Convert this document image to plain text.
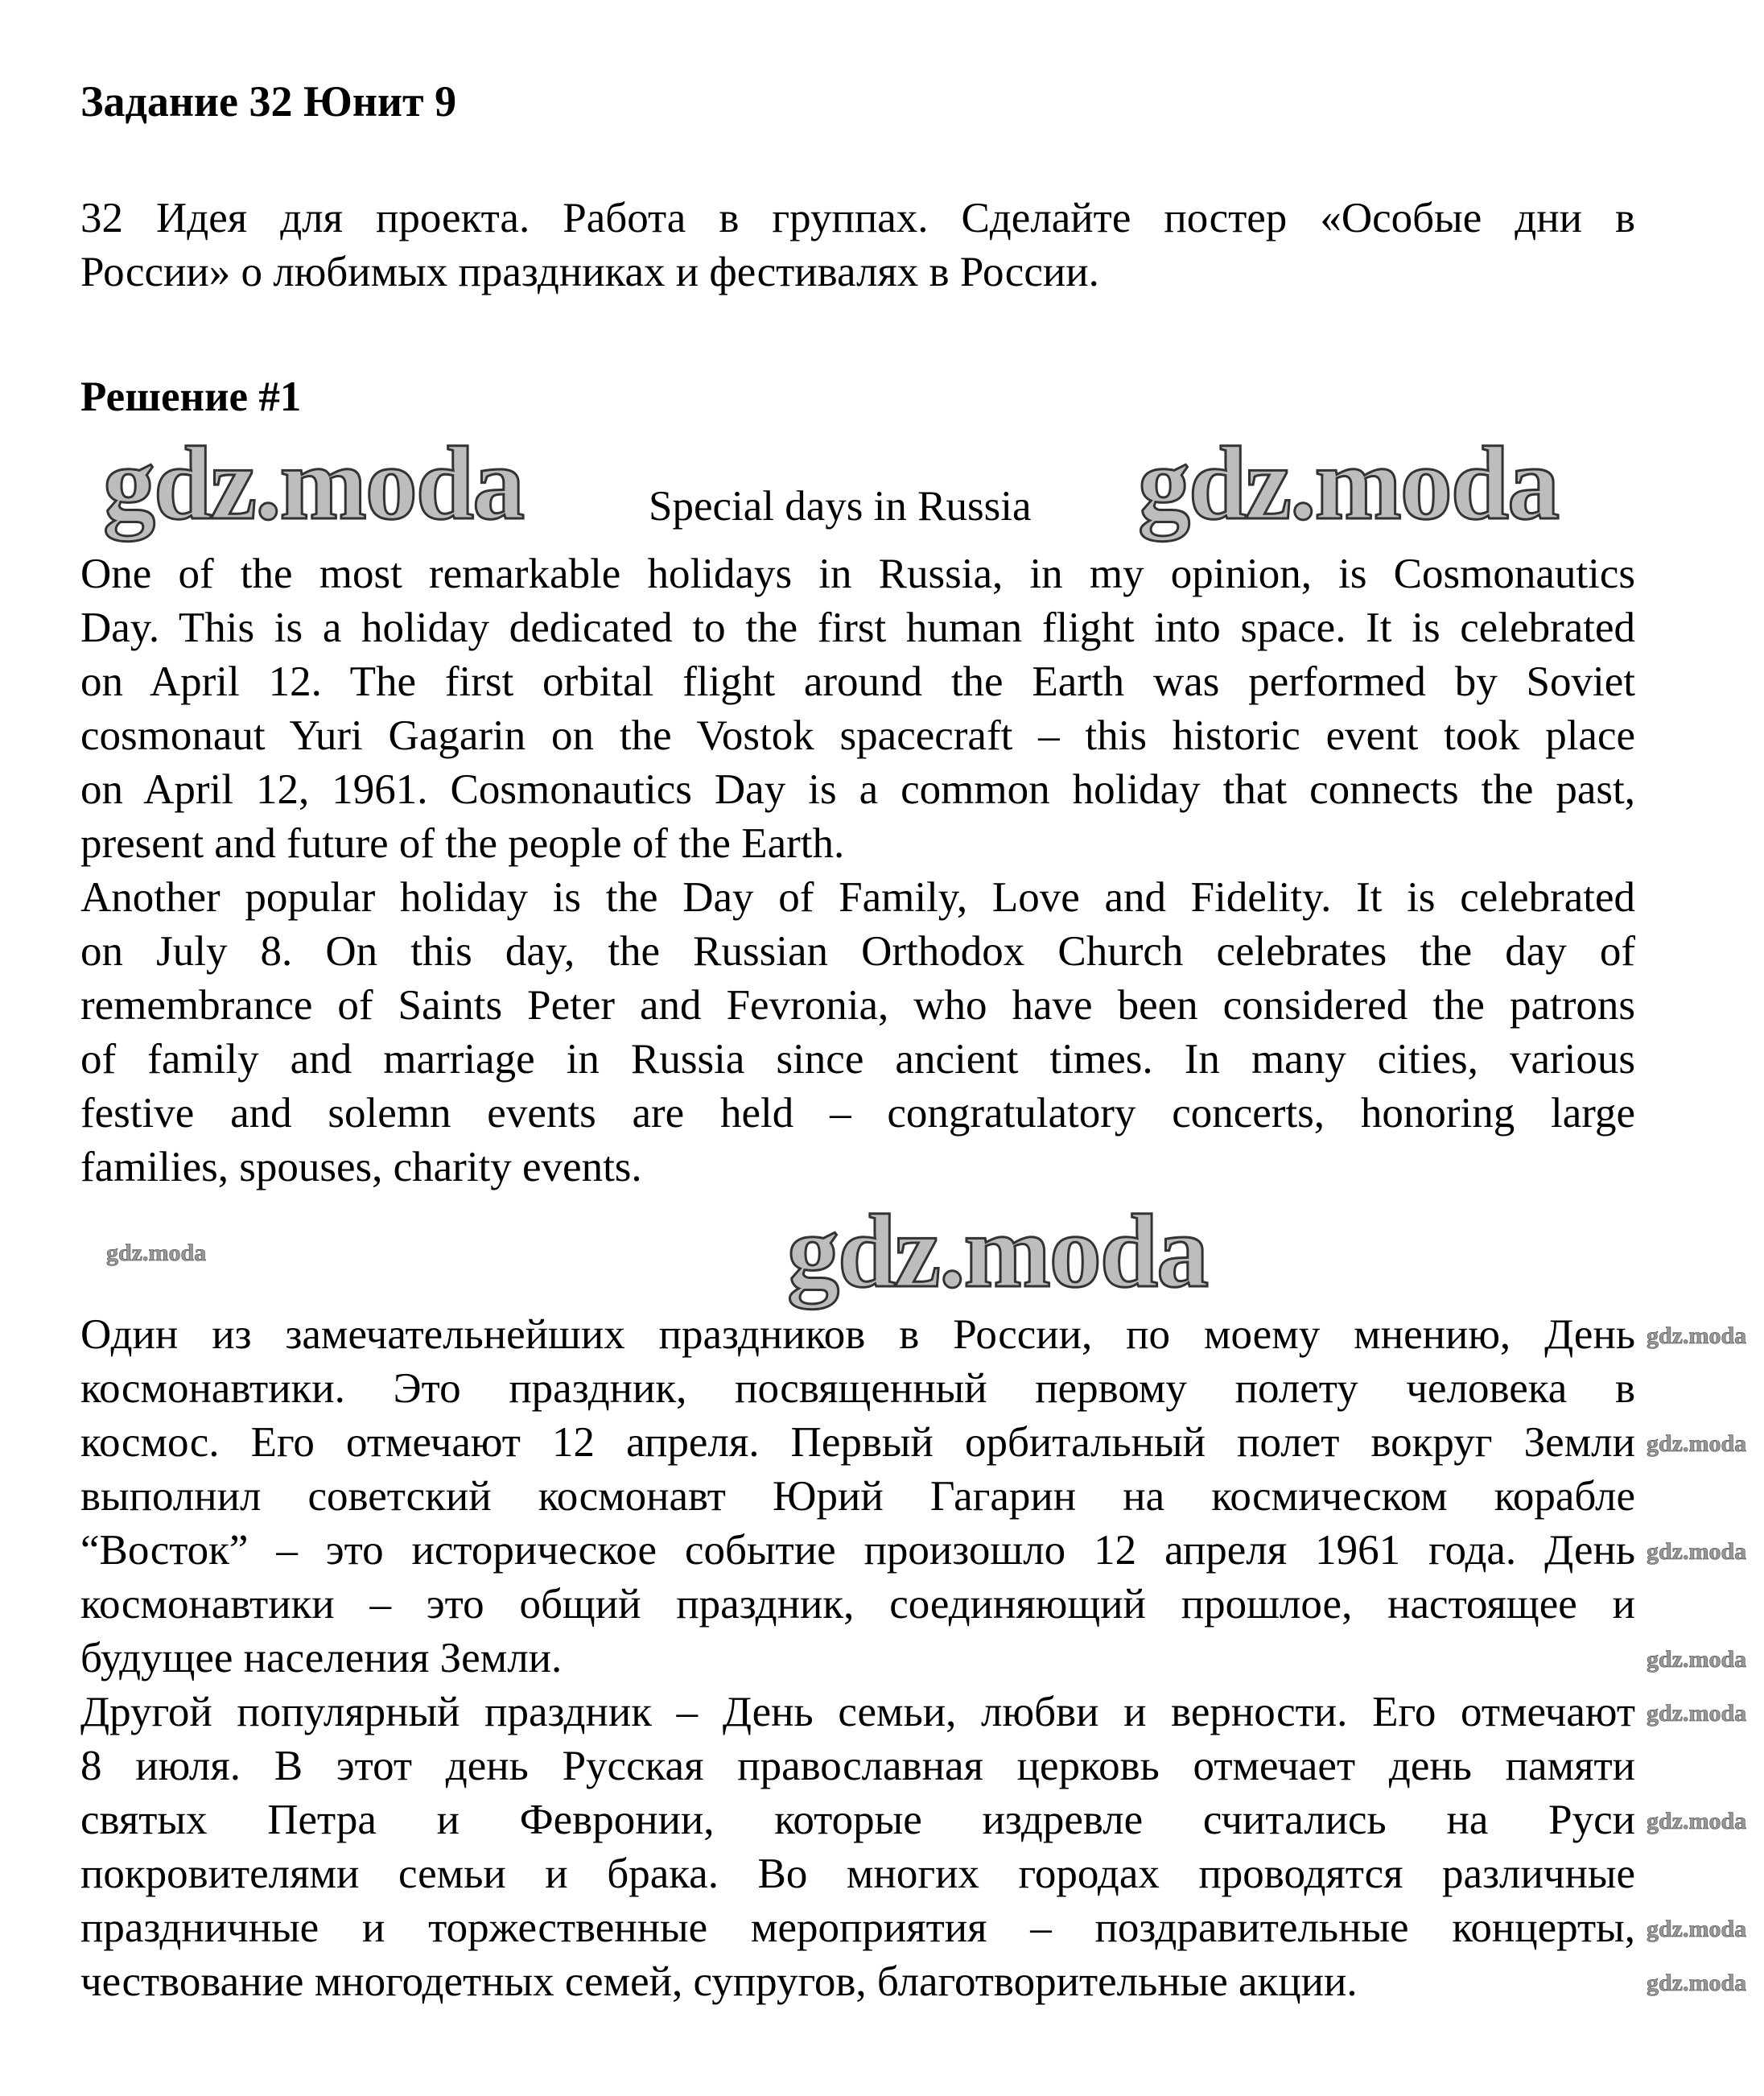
Задание 32 Юнит 9
32 Идея для проекта. Работа в группах. Сделайте постер «Особые дни в
России» о любимых праздниках и фестивалях в России.
Решение #1
Special days in Russia
One of the most remarkable holidays in Russia, in my opinion, is Cosmonautics
Day. This is a holiday dedicated to the first human flight into space. It is celebrated
on April 12. The first orbital flight around the Earth was performed by Soviet
cosmonaut Yuri Gagarin on the Vostok spacecraft – this historic event took place
on April 12, 1961. Cosmonautics Day is a common holiday that connects the past,
present and future of the people of the Earth.
Another popular holiday is the Day of Family, Love and Fidelity. It is celebrated
on July 8. On this day, the Russian Orthodox Church celebrates the day of
remembrance of Saints Peter and Fevronia, who have been considered the patrons
of family and marriage in Russia since ancient times. In many cities, various
festive and solemn events are held – congratulatory concerts, honoring large
families, spouses, charity events.
Один из замечательнейших праздников в России, по моему мнению, День
космонавтики. Это праздник, посвященный первому полету человека в
космос. Его отмечают 12 апреля. Первый орбитальный полет вокруг Земли
выполнил советский космонавт Юрий Гагарин на космическом корабле
“Восток” – это историческое событие произошло 12 апреля 1961 года. День
космонавтики – это общий праздник, соединяющий прошлое, настоящее и
будущее населения Земли.
Другой популярный праздник – День семьи, любви и верности. Его отмечают
8 июля. В этот день Русская православная церковь отмечает день памяти
святых Петра и Февронии, которые издревле считались на Руси
покровителями семьи и брака. Во многих городах проводятся различные
праздничные и торжественные мероприятия – поздравительные концерты,
чествование многодетных семей, супругов, благотворительные акции.
gdz.moda	gdz.moda
gdz.moda
gdz.moda
gdz.moda
gdz.moda
gdz.moda
gdz.moda
gdz.moda
gdz.moda
gdz.moda
gdz.moda
